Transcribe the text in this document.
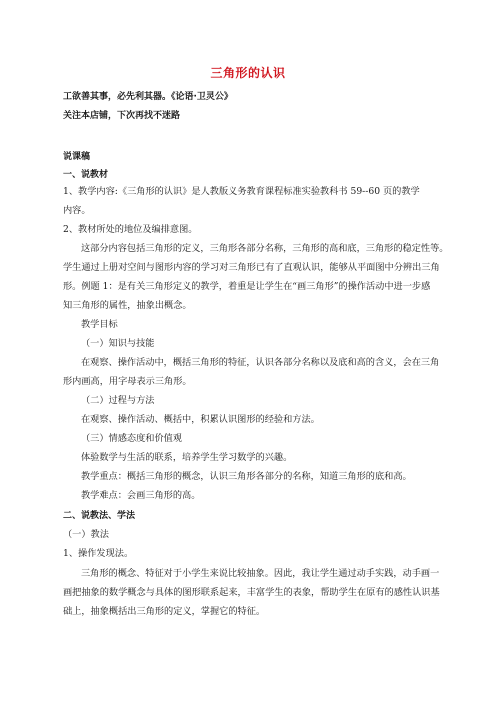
三角形的认识
工欲善其事，必先利其器。《论语·卫灵公》
关注本店铺，下次再找不迷路
说课稿
一、说教材
1、教学内容:《三角形的认识》是人教版义务教育课程标准实验教科书 59--60 页的教学
内容。
2、教材所处的地位及编排意图。
这部分内容包括三角形的定义，三角形各部分名称，三角形的高和底，三角形的稳定性等。
学生通过上册对空间与图形内容的学习对三角形已有了直观认识，能够从平面图中分辨出三角
形。例题 1：是有关三角形定义的教学，着重是让学生在“画三角形”的操作活动中进一步感
知三角形的属性，抽象出概念。
教学目标
（一）知识与技能
在观察、操作活动中，概括三角形的特征，认识各部分名称以及底和高的含义，会在三角
形内画高，用字母表示三角形。
（二）过程与方法
在观察、操作活动、概括中，积累认识图形的经验和方法。
（三）情感态度和价值观
体验数学与生活的联系，培养学生学习数学的兴趣。
教学重点：概括三角形的概念，认识三角形各部分的名称，知道三角形的底和高。
教学难点：会画三角形的高。
二、说教法、学法
（一）教法
1、操作发现法。
三角形的概念、特征对于小学生来说比较抽象。因此，我让学生通过动手实践，动手画一
画把抽象的数学概念与具体的图形联系起来，丰富学生的表象，帮助学生在原有的感性认识基
础上，抽象概括出三角形的定义，掌握它的特征。
